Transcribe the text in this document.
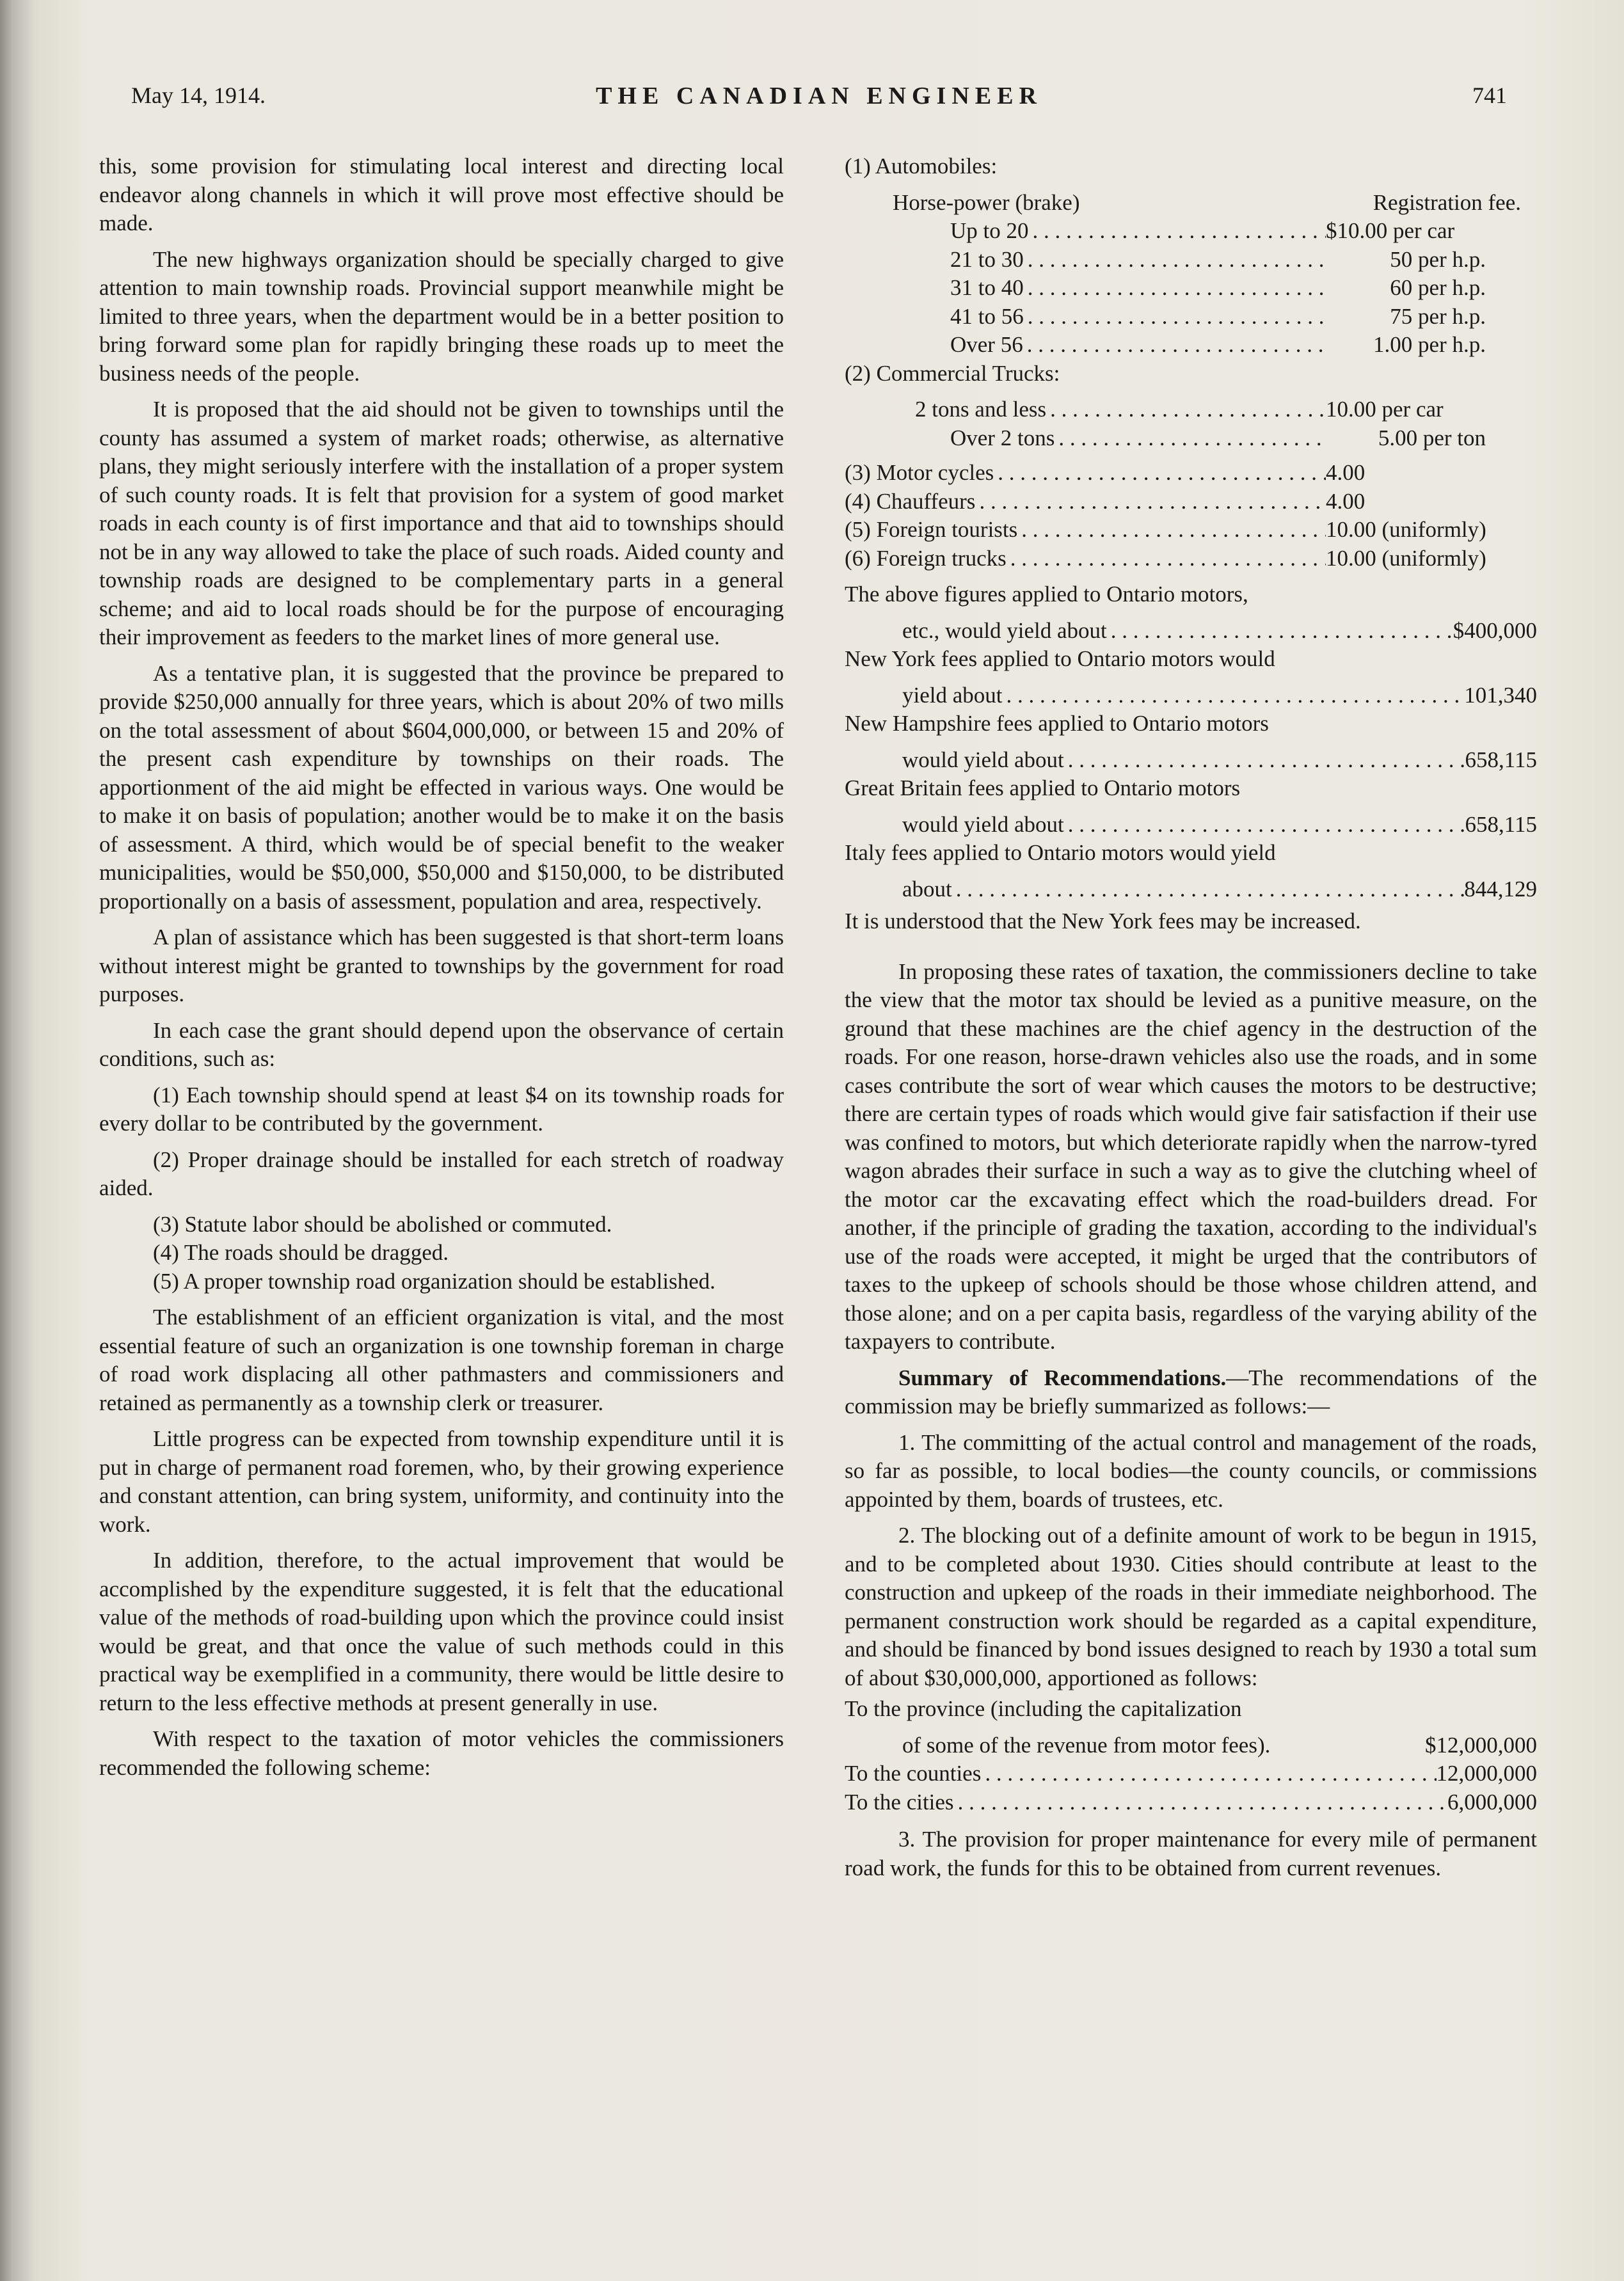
May 14, 1914.	THE CANADIAN ENGINEER	741

this, some provision for stimulating local interest and directing local endeavor along channels in which it will prove most effective should be made.

The new highways organization should be specially charged to give attention to main township roads. Provincial support meanwhile might be limited to three years, when the department would be in a better position to bring forward some plan for rapidly bringing these roads up to meet the business needs of the people.

It is proposed that the aid should not be given to townships until the county has assumed a system of market roads; otherwise, as alternative plans, they might seriously interfere with the installation of a proper system of such county roads. It is felt that provision for a system of good market roads in each county is of first importance and that aid to townships should not be in any way allowed to take the place of such roads. Aided county and township roads are designed to be complementary parts in a general scheme; and aid to local roads should be for the purpose of encouraging their improvement as feeders to the market lines of more general use.

As a tentative plan, it is suggested that the province be prepared to provide $250,000 annually for three years, which is about 20% of two mills on the total assessment of about $604,000,000, or between 15 and 20% of the present cash expenditure by townships on their roads. The apportionment of the aid might be effected in various ways. One would be to make it on basis of population; another would be to make it on the basis of assessment. A third, which would be of special benefit to the weaker municipalities, would be $50,000, $50,000 and $150,000, to be distributed proportionally on a basis of assessment, population and area, respectively.

A plan of assistance which has been suggested is that short-term loans without interest might be granted to townships by the government for road purposes.

In each case the grant should depend upon the observance of certain conditions, such as:

(1) Each township should spend at least $4 on its township roads for every dollar to be contributed by the government.

(2) Proper drainage should be installed for each stretch of roadway aided.

(3) Statute labor should be abolished or commuted.

(4) The roads should be dragged.

(5) A proper township road organization should be established.

The establishment of an efficient organization is vital, and the most essential feature of such an organization is one township foreman in charge of road work displacing all other pathmasters and commissioners and retained as permanently as a township clerk or treasurer.

Little progress can be expected from township expenditure until it is put in charge of permanent road foremen, who, by their growing experience and constant attention, can bring system, uniformity, and continuity into the work.

In addition, therefore, to the actual improvement that would be accomplished by the expenditure suggested, it is felt that the educational value of the methods of road-building upon which the province could insist would be great, and that once the value of such methods could in this practical way be exemplified in a community, there would be little desire to return to the less effective methods at present generally in use.

With respect to the taxation of motor vehicles the commissioners recommended the following scheme:

(1) Automobiles:

Horse-power (brake)	Registration fee.
Up to 20 . . .	$10.00 per car
21 to 30 . . .	50 per h.p.
31 to 40 . . .	60 per h.p.
41 to 56 . . .	75 per h.p.
Over 56 . . .	1.00 per h.p.

(2) Commercial Trucks:

2 tons and less . . .	10.00 per car
Over 2 tons . . .	5.00 per ton
(3) Motor cycles . . .	4.00
(4) Chauffeurs . . .	4.00
(5) Foreign tourists . . .	10.00 (uniformly)
(6) Foreign trucks . . .	10.00 (uniformly)

The above figures applied to Ontario motors,

etc., would yield about . . .	$400,000

New York fees applied to Ontario motors would

yield about . . .	101,340

New Hampshire fees applied to Ontario motors

would yield about . . .	658,115

Great Britain fees applied to Ontario motors

would yield about . . .	658,115

Italy fees applied to Ontario motors would yield

about . . .	844,129

It is understood that the New York fees may be increased.

In proposing these rates of taxation, the commissioners decline to take the view that the motor tax should be levied as a punitive measure, on the ground that these machines are the chief agency in the destruction of the roads. For one reason, horse-drawn vehicles also use the roads, and in some cases contribute the sort of wear which causes the motors to be destructive; there are certain types of roads which would give fair satisfaction if their use was confined to motors, but which deteriorate rapidly when the narrow-tyred wagon abrades their surface in such a way as to give the clutching wheel of the motor car the excavating effect which the road-builders dread. For another, if the principle of grading the taxation, according to the individual's use of the roads were accepted, it might be urged that the contributors of taxes to the upkeep of schools should be those whose children attend, and those alone; and on a per capita basis, regardless of the varying ability of the taxpayers to contribute.

Summary of Recommendations.—The recommendations of the commission may be briefly summarized as follows:—

1. The committing of the actual control and management of the roads, so far as possible, to local bodies—the county councils, or commissions appointed by them, boards of trustees, etc.

2. The blocking out of a definite amount of work to be begun in 1915, and to be completed about 1930. Cities should contribute at least to the construction and upkeep of the roads in their immediate neighborhood. The permanent construction work should be regarded as a capital expenditure, and should be financed by bond issues designed to reach by 1930 a total sum of about $30,000,000, apportioned as follows:

To the province (including the capitalization

of some of the revenue from motor fees).	$12,000,000
To the counties . . .	12,000,000
To the cities . . .	6,000,000

3. The provision for proper maintenance for every mile of permanent road work, the funds for this to be obtained from current revenues.
